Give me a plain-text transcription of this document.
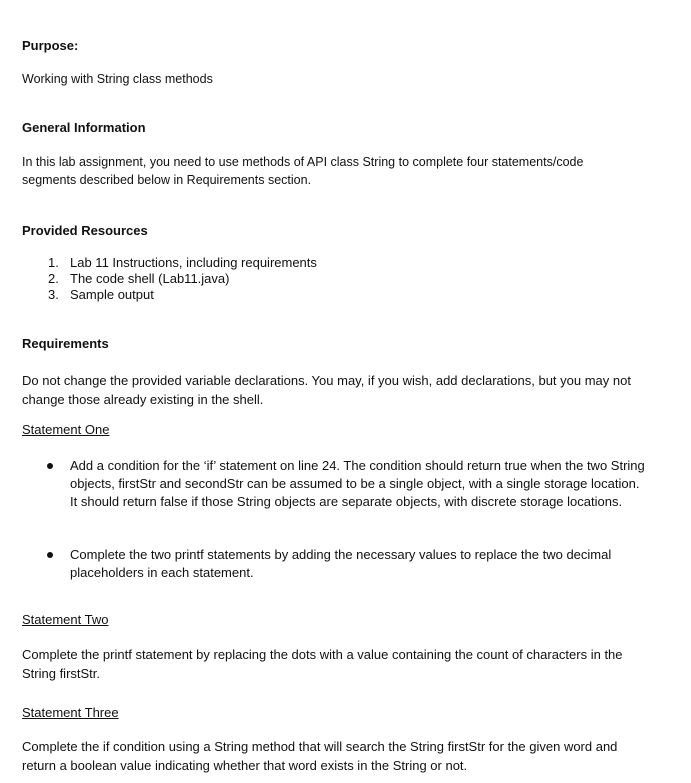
Purpose:
Working with String class methods
General Information
In this lab assignment, you need to use methods of API class String to complete four statements/code segments described below in Requirements section.
Provided Resources
1. Lab 11 Instructions, including requirements
2. The code shell (Lab11.java)
3. Sample output
Requirements
Do not change the provided variable declarations. You may, if you wish, add declarations, but you may not change those already existing in the shell.
Statement One
Add a condition for the ‘if’ statement on line 24. The condition should return true when the two String objects, firstStr and secondStr can be assumed to be a single object, with a single storage location. It should return false if those String objects are separate objects, with discrete storage locations.
Complete the two printf statements by adding the necessary values to replace the two decimal placeholders in each statement.
Statement Two
Complete the printf statement by replacing the dots with a value containing the count of characters in the String firstStr.
Statement Three
Complete the if condition using a String method that will search the String firstStr for the given word and return a boolean value indicating whether that word exists in the String or not.
